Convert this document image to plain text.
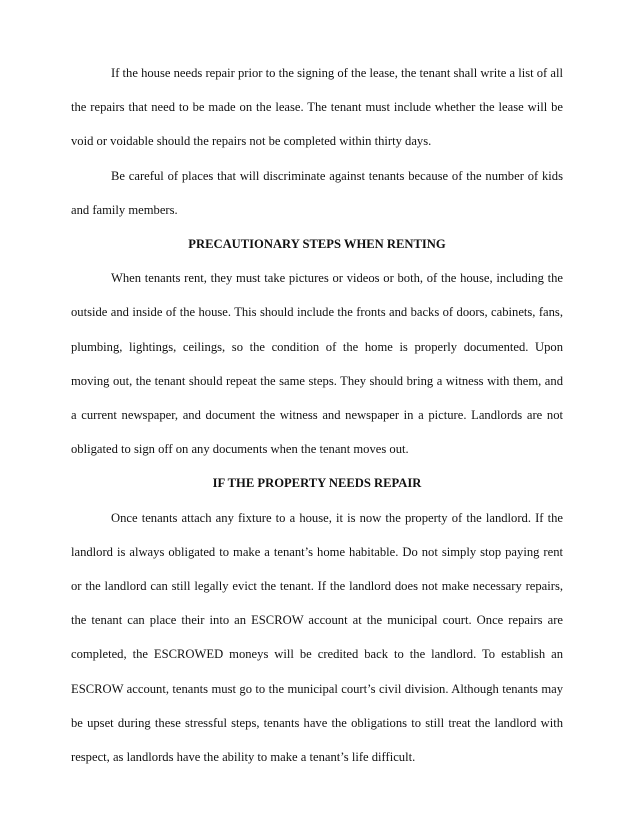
If the house needs repair prior to the signing of the lease, the tenant shall write a list of all the repairs that need to be made on the lease. The tenant must include whether the lease will be void or voidable should the repairs not be completed within thirty days.

Be careful of places that will discriminate against tenants because of the number of kids and family members.

PRECAUTIONARY STEPS WHEN RENTING

When tenants rent, they must take pictures or videos or both, of the house, including the outside and inside of the house. This should include the fronts and backs of doors, cabinets, fans, plumbing, lightings, ceilings, so the condition of the home is properly documented. Upon moving out, the tenant should repeat the same steps. They should bring a witness with them, and a current newspaper, and document the witness and newspaper in a picture. Landlords are not obligated to sign off on any documents when the tenant moves out.

IF THE PROPERTY NEEDS REPAIR

Once tenants attach any fixture to a house, it is now the property of the landlord. If the landlord is always obligated to make a tenant’s home habitable. Do not simply stop paying rent or the landlord can still legally evict the tenant. If the landlord does not make necessary repairs, the tenant can place their into an ESCROW account at the municipal court. Once repairs are completed, the ESCROWED moneys will be credited back to the landlord. To establish an ESCROW account, tenants must go to the municipal court’s civil division. Although tenants may be upset during these stressful steps, tenants have the obligations to still treat the landlord with respect, as landlords have the ability to make a tenant’s life difficult.
